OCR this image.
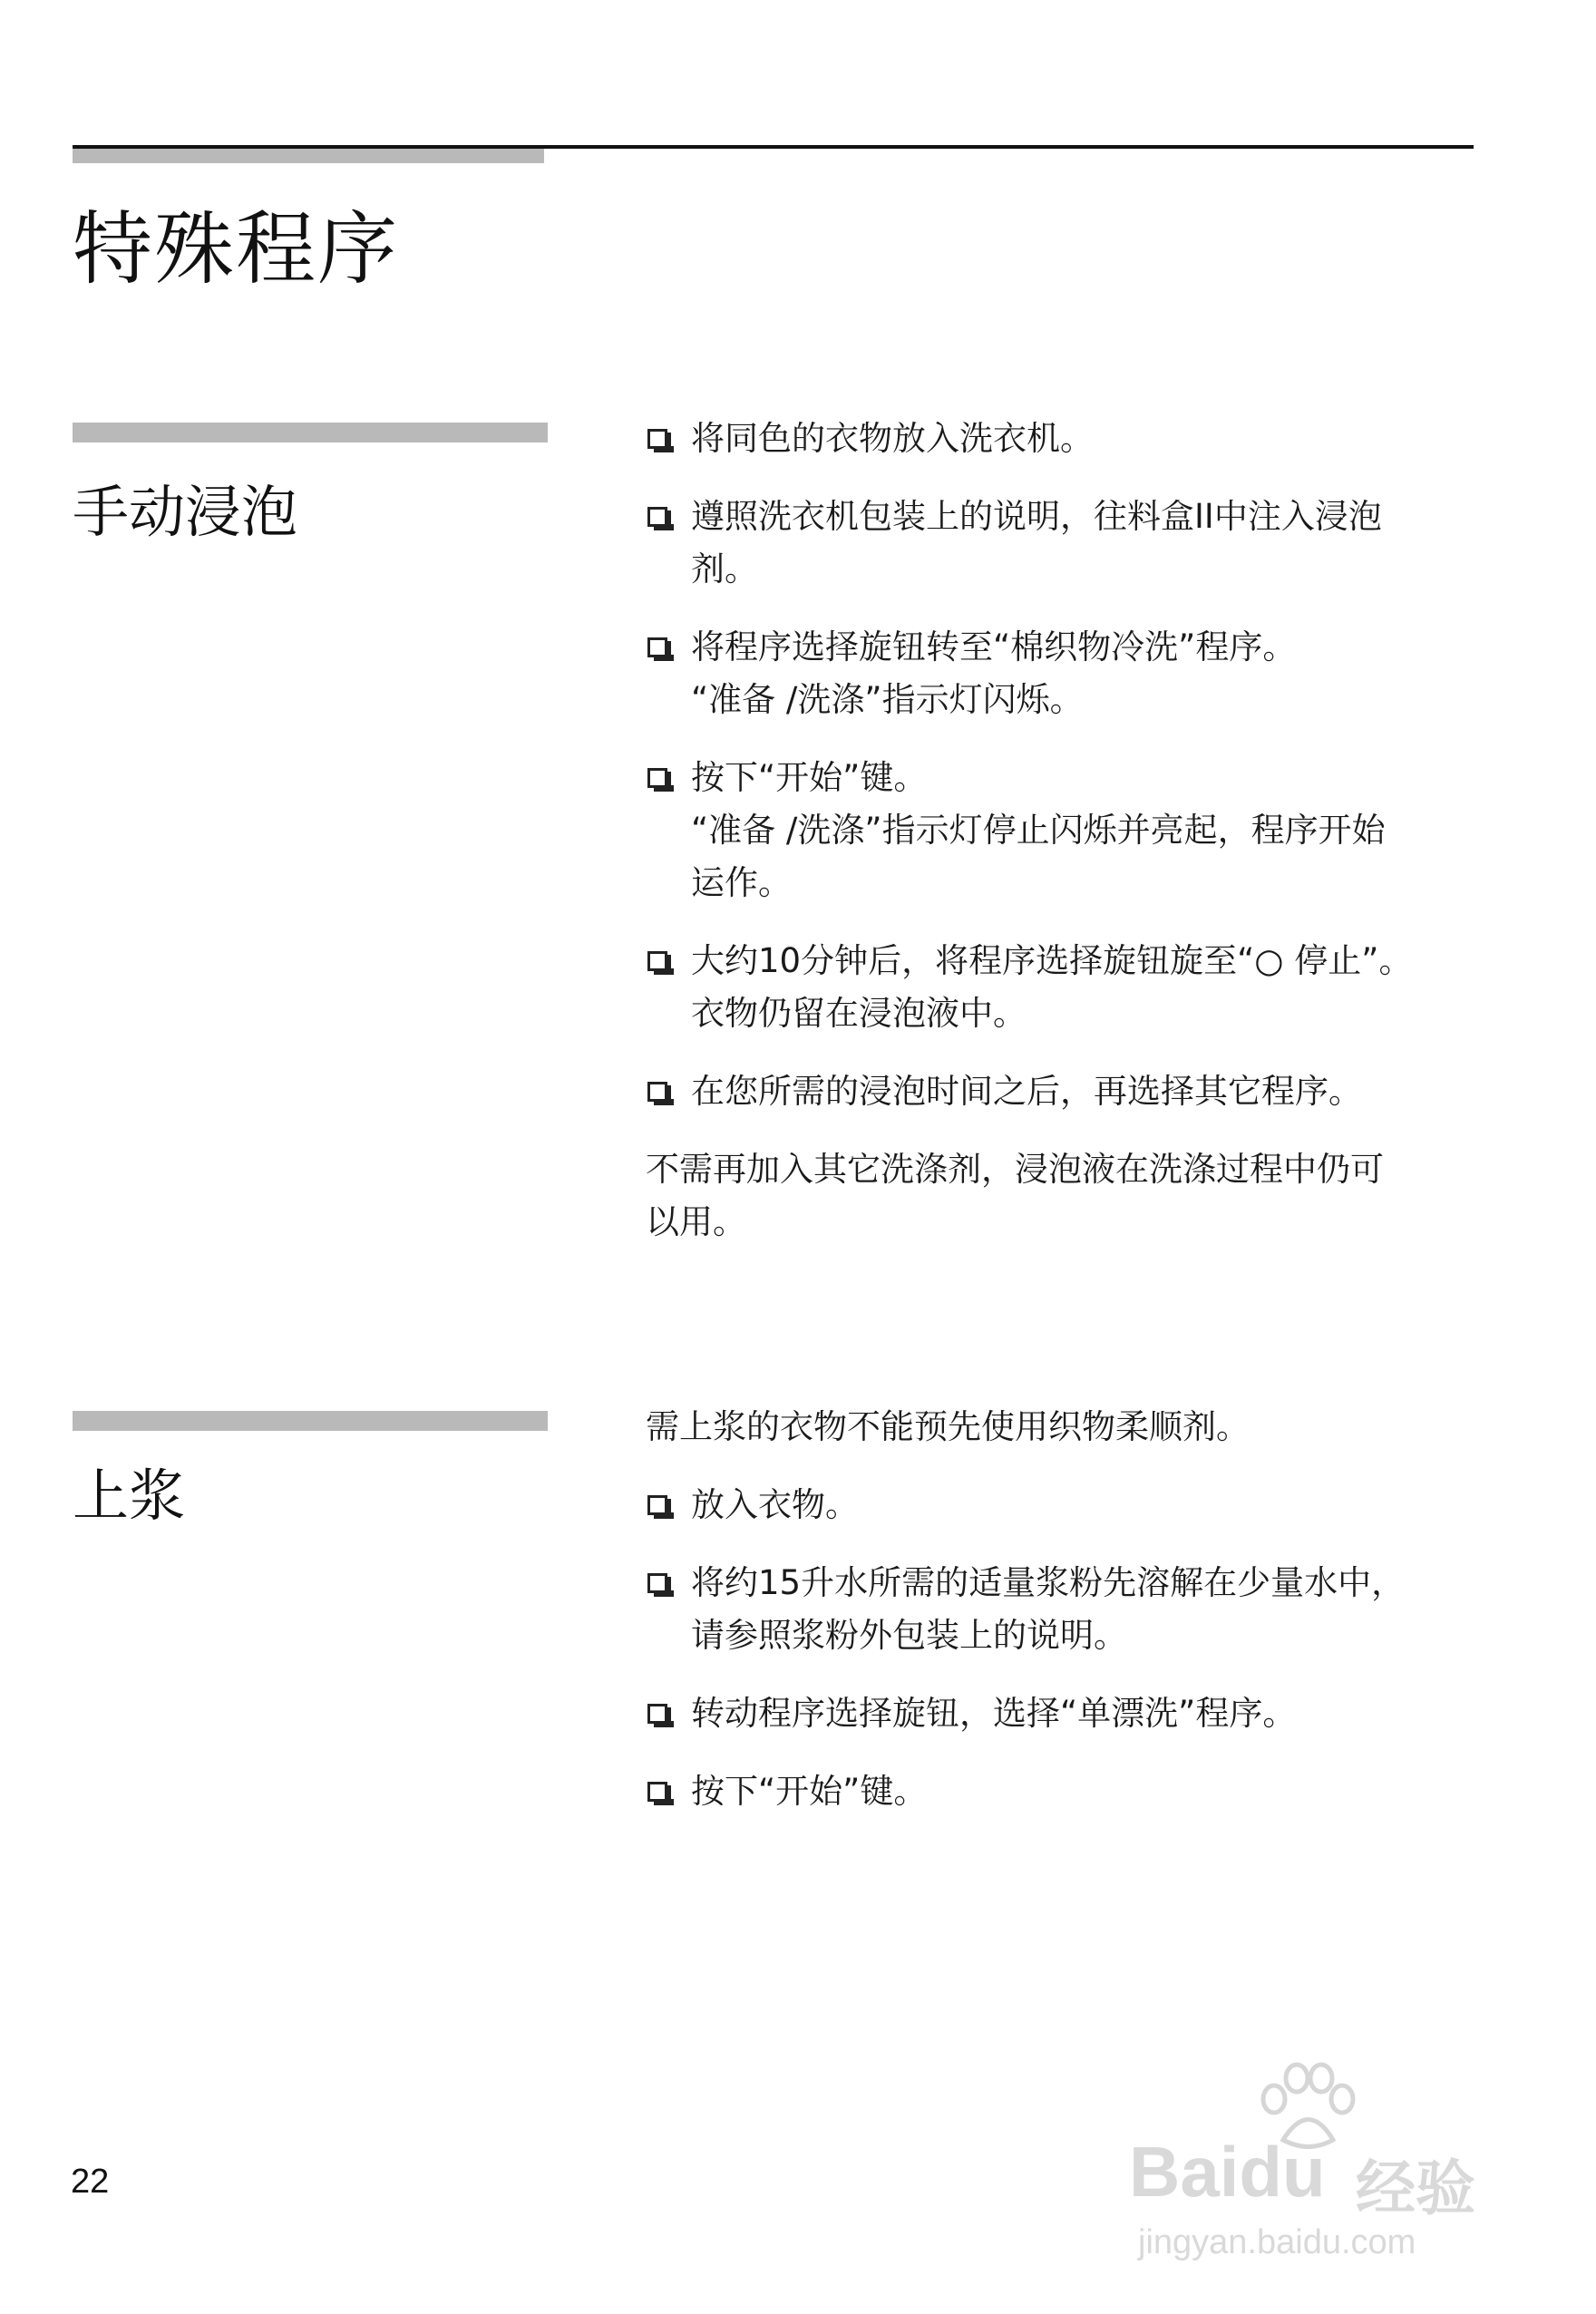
特殊程序
手动浸泡
将同色的衣物放入洗衣机。
遵照洗衣机包装上的说明，往料盒II中注入浸泡
剂。
将程序选择旋钮转至“棉织物冷洗”程序。
“准备 /洗涤”指示灯闪烁。
按下“开始”键。
“准备 /洗涤”指示灯停止闪烁并亮起，程序开始
运作。
大约10分钟后，将程序选择旋钮旋至“○ 停止”。
衣物仍留在浸泡液中。
在您所需的浸泡时间之后，再选择其它程序。
不需再加入其它洗涤剂，浸泡液在洗涤过程中仍可
以用。
上浆
需上浆的衣物不能预先使用织物柔顺剂。
放入衣物。
将约15升水所需的适量浆粉先溶解在少量水中，
请参照浆粉外包装上的说明。
转动程序选择旋钮，选择“单漂洗”程序。
按下“开始”键。
22	Baidu 经验
jingyan.baidu.com
